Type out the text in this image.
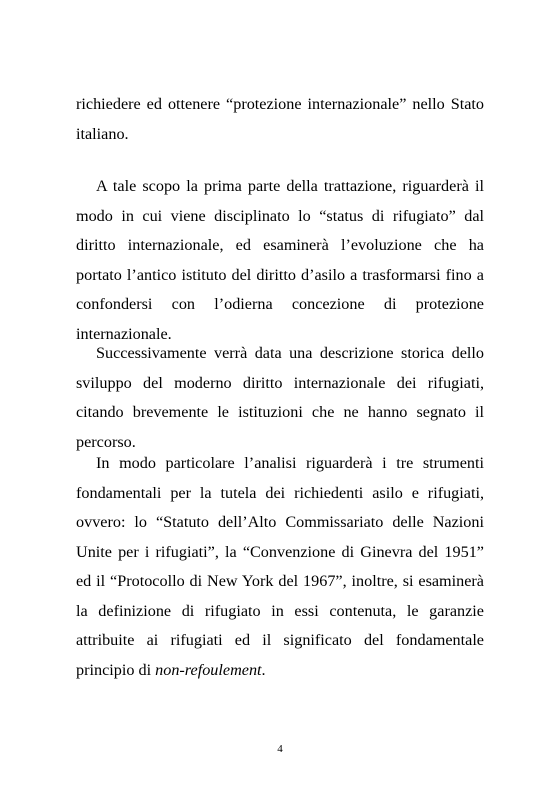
richiedere ed ottenere “protezione internazionale” nello Stato italiano.

A tale scopo la prima parte della trattazione, riguarderà il modo in cui viene disciplinato lo “status di rifugiato” dal diritto internazionale, ed esaminerà l’evoluzione che ha portato l’antico istituto del diritto d’asilo a trasformarsi fino a confondersi con l’odierna concezione di protezione internazionale.

Successivamente verrà data una descrizione storica dello sviluppo del moderno diritto internazionale dei rifugiati, citando brevemente le istituzioni che ne hanno segnato il percorso.

In modo particolare l’analisi riguarderà i tre strumenti fondamentali per la tutela dei richiedenti asilo e rifugiati, ovvero: lo “Statuto dell’Alto Commissariato delle Nazioni Unite per i rifugiati”, la “Convenzione di Ginevra del 1951” ed il “Protocollo di New York del 1967”, inoltre, si esaminerà la definizione di rifugiato in essi contenuta, le garanzie attribuite ai rifugiati ed il significato del fondamentale principio di non-refoulement.

4
